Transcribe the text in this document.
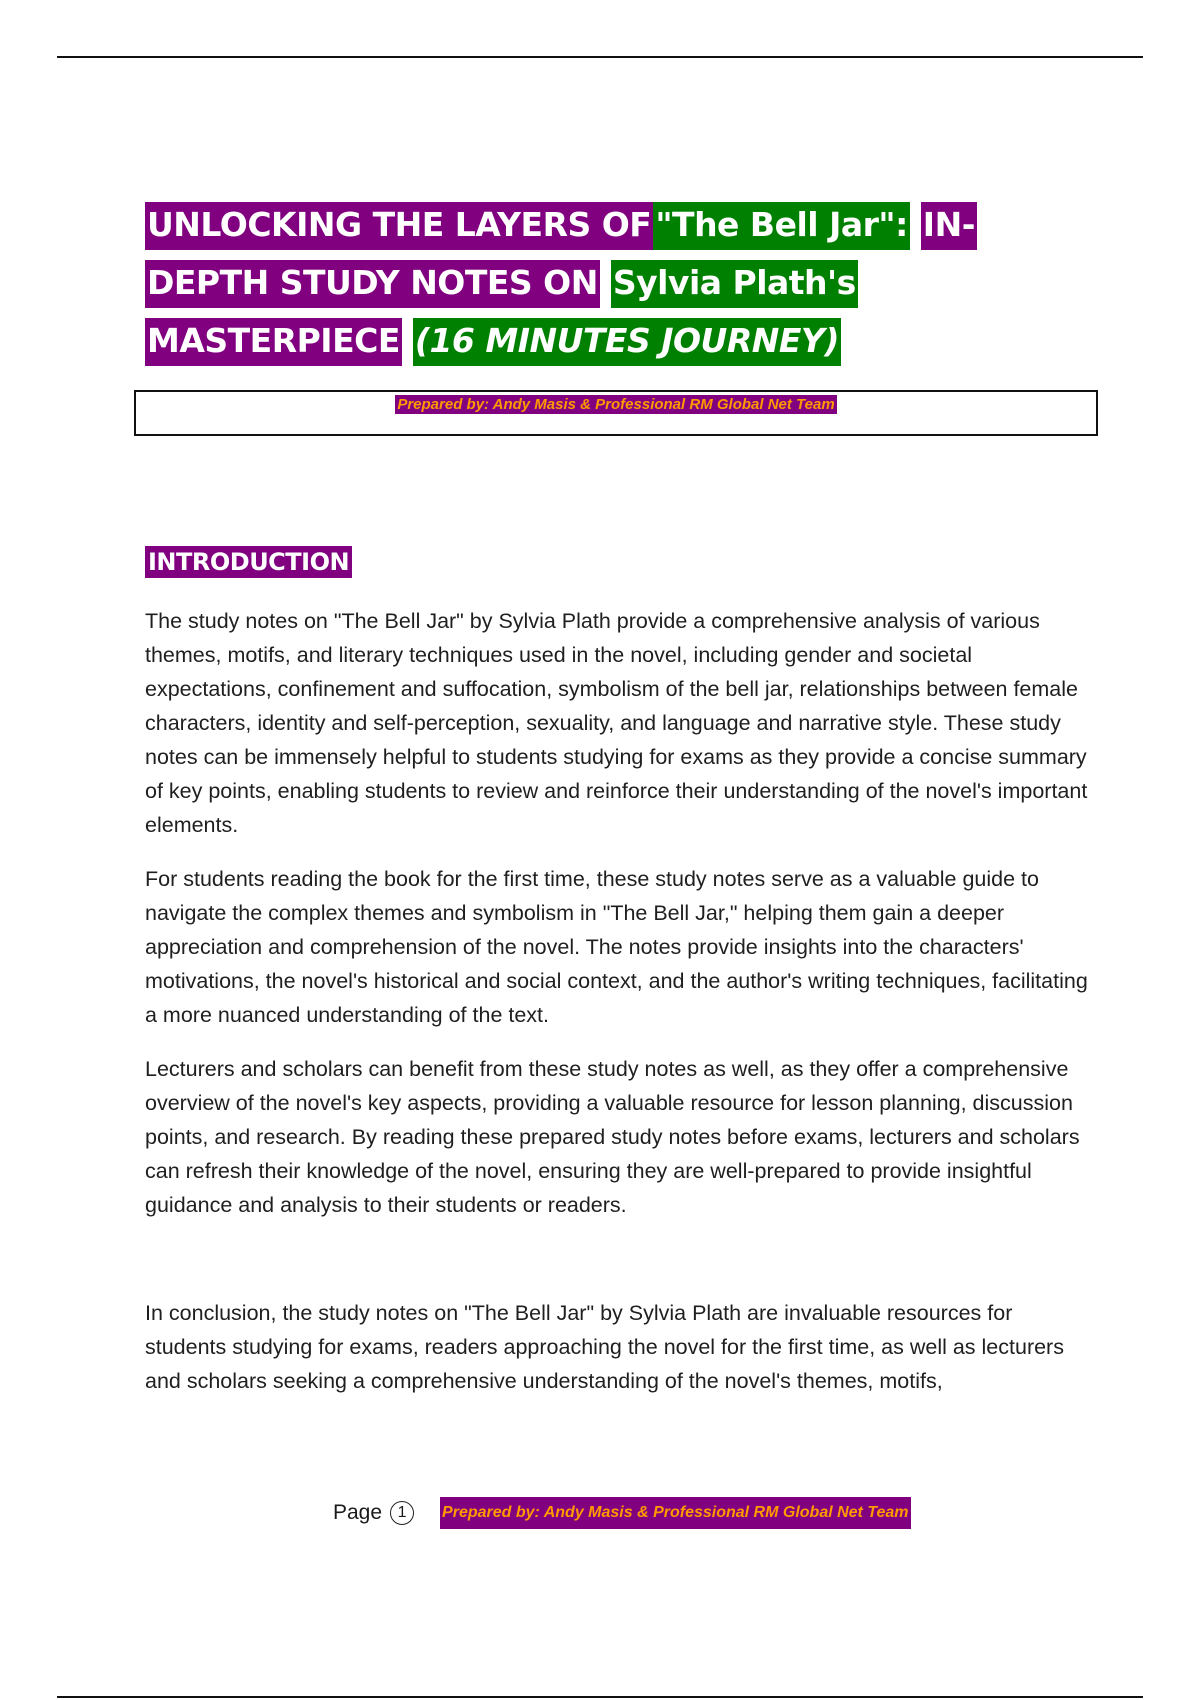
UNLOCKING THE LAYERS OF "The Bell Jar": IN-DEPTH STUDY NOTES ON Sylvia Plath's MASTERPIECE (16 MINUTES JOURNEY)
Prepared by: Andy Masis & Professional RM Global Net Team
INTRODUCTION

The study notes on "The Bell Jar" by Sylvia Plath provide a comprehensive analysis of various themes, motifs, and literary techniques used in the novel, including gender and societal expectations, confinement and suffocation, symbolism of the bell jar, relationships between female characters, identity and self-perception, sexuality, and language and narrative style. These study notes can be immensely helpful to students studying for exams as they provide a concise summary of key points, enabling students to review and reinforce their understanding of the novel's important elements.

For students reading the book for the first time, these study notes serve as a valuable guide to navigate the complex themes and symbolism in "The Bell Jar," helping them gain a deeper appreciation and comprehension of the novel. The notes provide insights into the characters' motivations, the novel's historical and social context, and the author's writing techniques, facilitating a more nuanced understanding of the text.

Lecturers and scholars can benefit from these study notes as well, as they offer a comprehensive overview of the novel's key aspects, providing a valuable resource for lesson planning, discussion points, and research. By reading these prepared study notes before exams, lecturers and scholars can refresh their knowledge of the novel, ensuring they are well-prepared to provide insightful guidance and analysis to their students or readers.

In conclusion, the study notes on "The Bell Jar" by Sylvia Plath are invaluable resources for students studying for exams, readers approaching the novel for the first time, as well as lecturers and scholars seeking a comprehensive understanding of the novel's themes, motifs,

Page 1	Prepared by: Andy Masis & Professional RM Global Net Team
